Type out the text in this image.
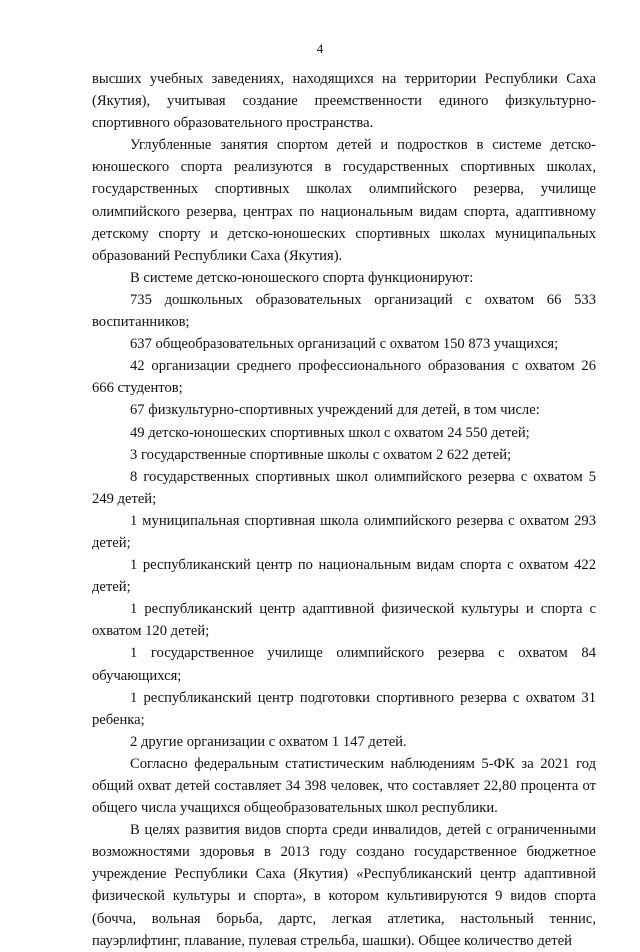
4

высших учебных заведениях, находящихся на территории Республики Саха (Якутия), учитывая создание преемственности единого физкультурно-спортивного образовательного пространства.

Углубленные занятия спортом детей и подростков в системе детско-юношеского спорта реализуются в государственных спортивных школах, государственных спортивных школах олимпийского резерва, училище олимпийского резерва, центрах по национальным видам спорта, адаптивному детскому спорту и детско-юношеских спортивных школах муниципальных образований Республики Саха (Якутия).

В системе детско-юношеского спорта функционируют:

735 дошкольных образовательных организаций с охватом 66 533 воспитанников;

637 общеобразовательных организаций с охватом 150 873 учащихся;

42 организации среднего профессионального образования с охватом 26 666 студентов;

67 физкультурно-спортивных учреждений для детей, в том числе:

49 детско-юношеских спортивных школ с охватом 24 550 детей;

3 государственные спортивные школы с охватом 2 622 детей;

8 государственных спортивных школ олимпийского резерва с охватом 5 249 детей;

1 муниципальная спортивная школа олимпийского резерва с охватом 293 детей;

1 республиканский центр по национальным видам спорта с охватом 422 детей;

1 республиканский центр адаптивной физической культуры и спорта с охватом 120 детей;

1 государственное училище олимпийского резерва с охватом 84 обучающихся;

1 республиканский центр подготовки спортивного резерва с охватом 31 ребенка;

2 другие организации с охватом 1 147 детей.

Согласно федеральным статистическим наблюдениям 5-ФК за 2021 год общий охват детей составляет 34 398 человек, что составляет 22,80 процента от общего числа учащихся общеобразовательных школ республики.

В целях развития видов спорта среди инвалидов, детей с ограниченными возможностями здоровья в 2013 году создано государственное бюджетное учреждение Республики Саха (Якутия) «Республиканский центр адаптивной физической культуры и спорта», в котором культивируются 9 видов спорта (бочча, вольная борьба, дартс, легкая атлетика, настольный теннис, пауэрлифтинг, плавание, пулевая стрельба, шашки). Общее количество детей
